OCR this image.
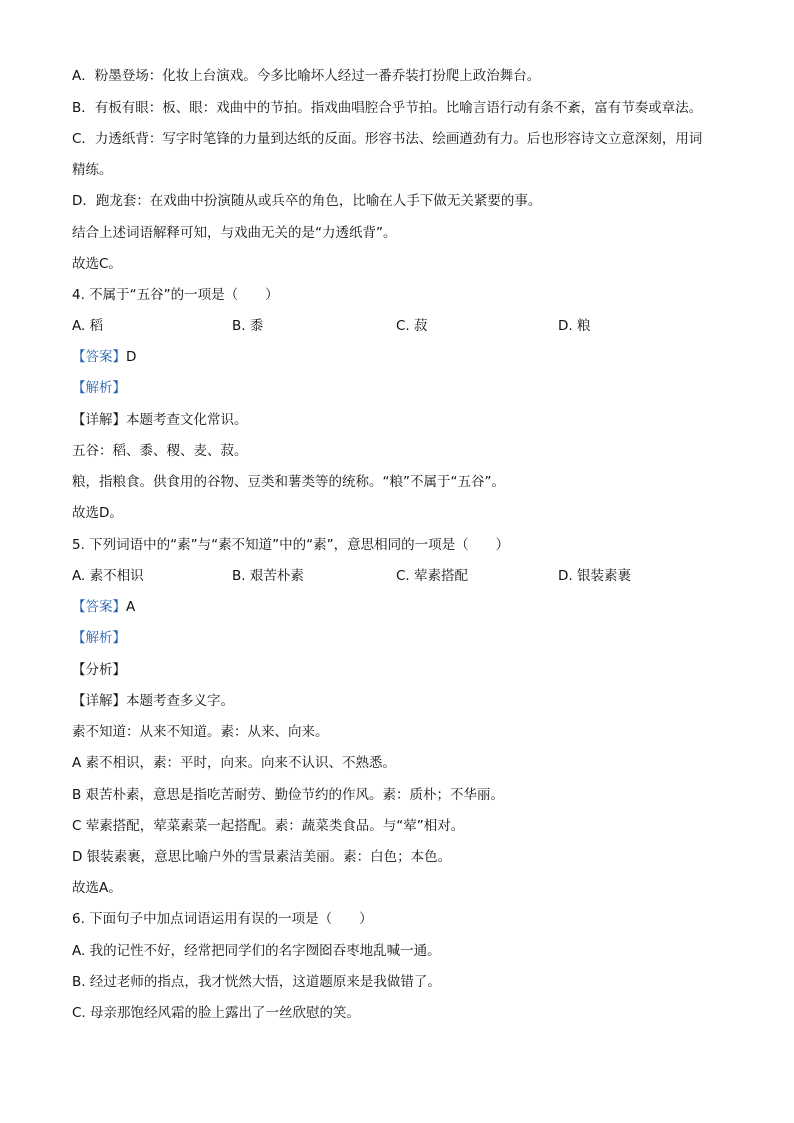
A．粉墨登场：化妆上台演戏。今多比喻坏人经过一番乔装打扮爬上政治舞台。
B．有板有眼：板、眼：戏曲中的节拍。指戏曲唱腔合乎节拍。比喻言语行动有条不紊，富有节奏或章法。
C．力透纸背：写字时笔锋的力量到达纸的反面。形容书法、绘画遒劲有力。后也形容诗文立意深刻，用词
精练。
D．跑龙套：在戏曲中扮演随从或兵卒的角色，比喻在人手下做无关紧要的事。
结合上述词语解释可知，与戏曲无关的是“力透纸背”。
故选C。
4. 不属于“五谷”的一项是（　　）
A. 稻	B. 黍	C. 菽	D. 粮
【答案】D
【解析】
【详解】本题考查文化常识。
五谷：稻、黍、稷、麦、菽。
粮，指粮食。供食用的谷物、豆类和薯类等的统称。“粮”不属于“五谷”。
故选D。
5. 下列词语中的“素”与“素不知道”中的“素”，意思相同的一项是（　　）
A. 素不相识	B. 艰苦朴素	C. 荤素搭配	D. 银装素裹
【答案】A
【解析】
【分析】
【详解】本题考查多义字。
素不知道：从来不知道。素：从来、向来。
A 素不相识，素：平时，向来。向来不认识、不熟悉。
B 艰苦朴素，意思是指吃苦耐劳、勤俭节约的作风。素：质朴；不华丽。
C 荤素搭配，荤菜素菜一起搭配。素：蔬菜类食品。与“荤”相对。
D 银装素裹，意思比喻户外的雪景素洁美丽。素：白色；本色。
故选A。
6. 下面句子中加点词语运用有误的一项是（　　）
A. 我的记性不好，经常把同学们的名字囫囵吞枣地乱喊一通。
B. 经过老师的指点，我才恍然大悟，这道题原来是我做错了。
C. 母亲那饱经风霜的脸上露出了一丝欣慰的笑。
